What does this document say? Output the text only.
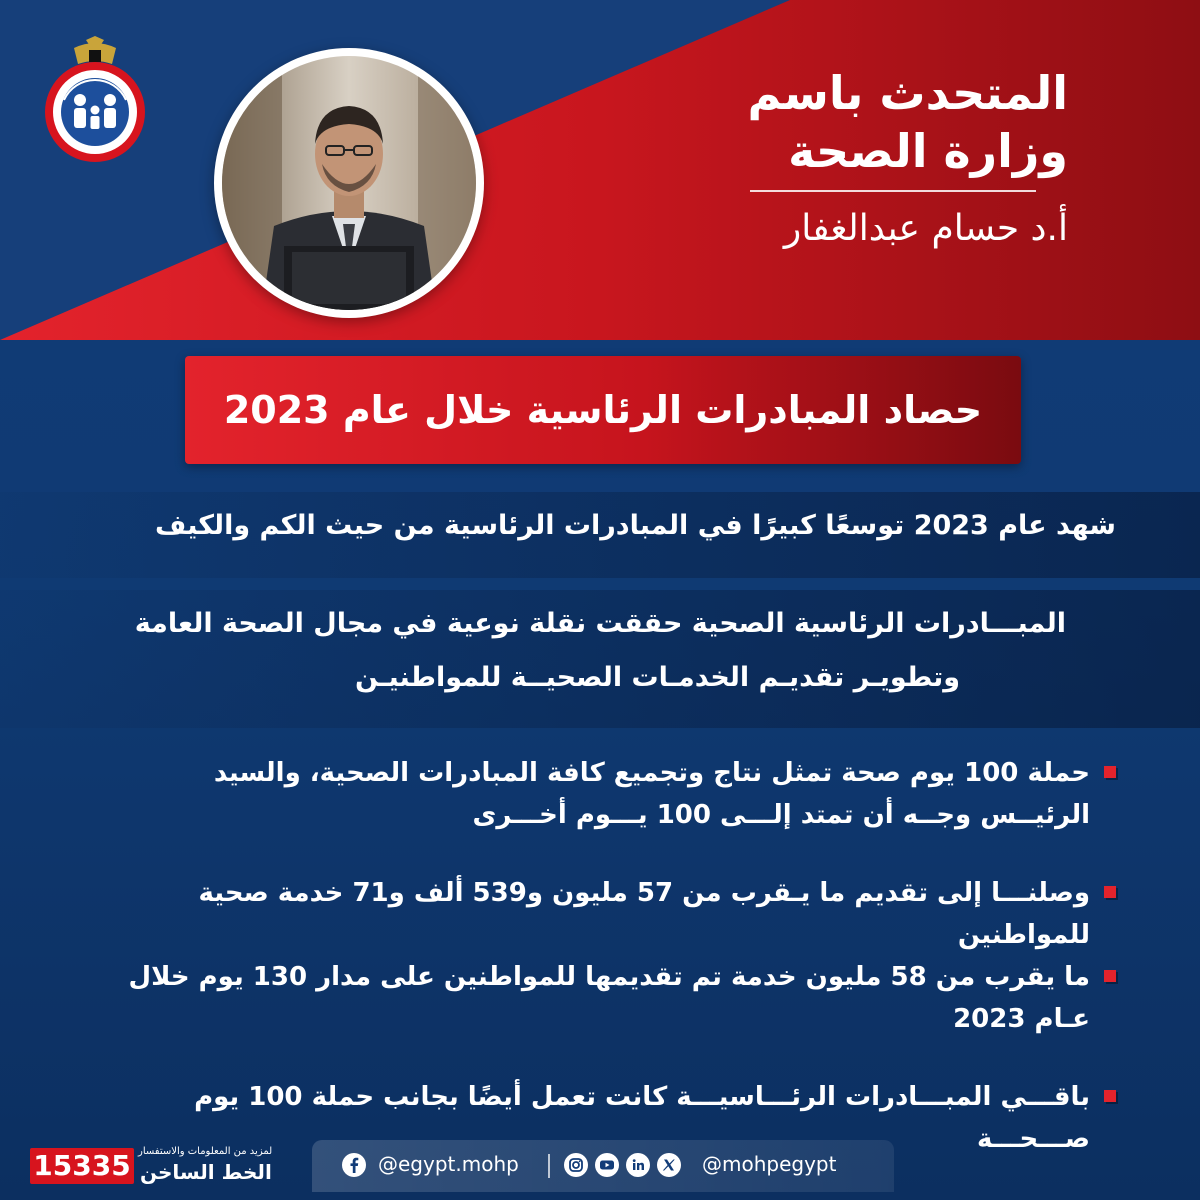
المتحدث باسم
وزارة الصحة
أ.د حسام عبدالغفار
حصاد المبادرات الرئاسية خلال عام 2023
شهد عام 2023 توسعًا كبيرًا في المبادرات الرئاسية من حيث الكم والكيف
المبـــادرات الرئاسية الصحية حققت نقلة نوعية في مجال الصحة العامة
وتطويـر تقديـم الخدمـات الصحيــة للمواطنيـن
حملة 100 يوم صحة تمثل نتاج وتجميع كافة المبادرات الصحية، والسيد الرئيــس وجــه أن تمتد إلـــى 100 يـــوم أخـــرى
وصلنـــا إلى تقديم ما يـقرب من 57 مليون و539 ألف و71 خدمة صحية للمواطنين
ما يقرب من 58 مليون خدمة تم تقديمها للمواطنين على مدار 130 يوم خلال عـام 2023
باقـــي المبـــادرات الرئـــاسيـــة كانت تعمل أيضًا بجانب حملة 100 يوم صـــحـــة
15335 لمزيد من المعلومات والاستفسار
الخط الساخن	@egypt.mohp	@mohpegypt
